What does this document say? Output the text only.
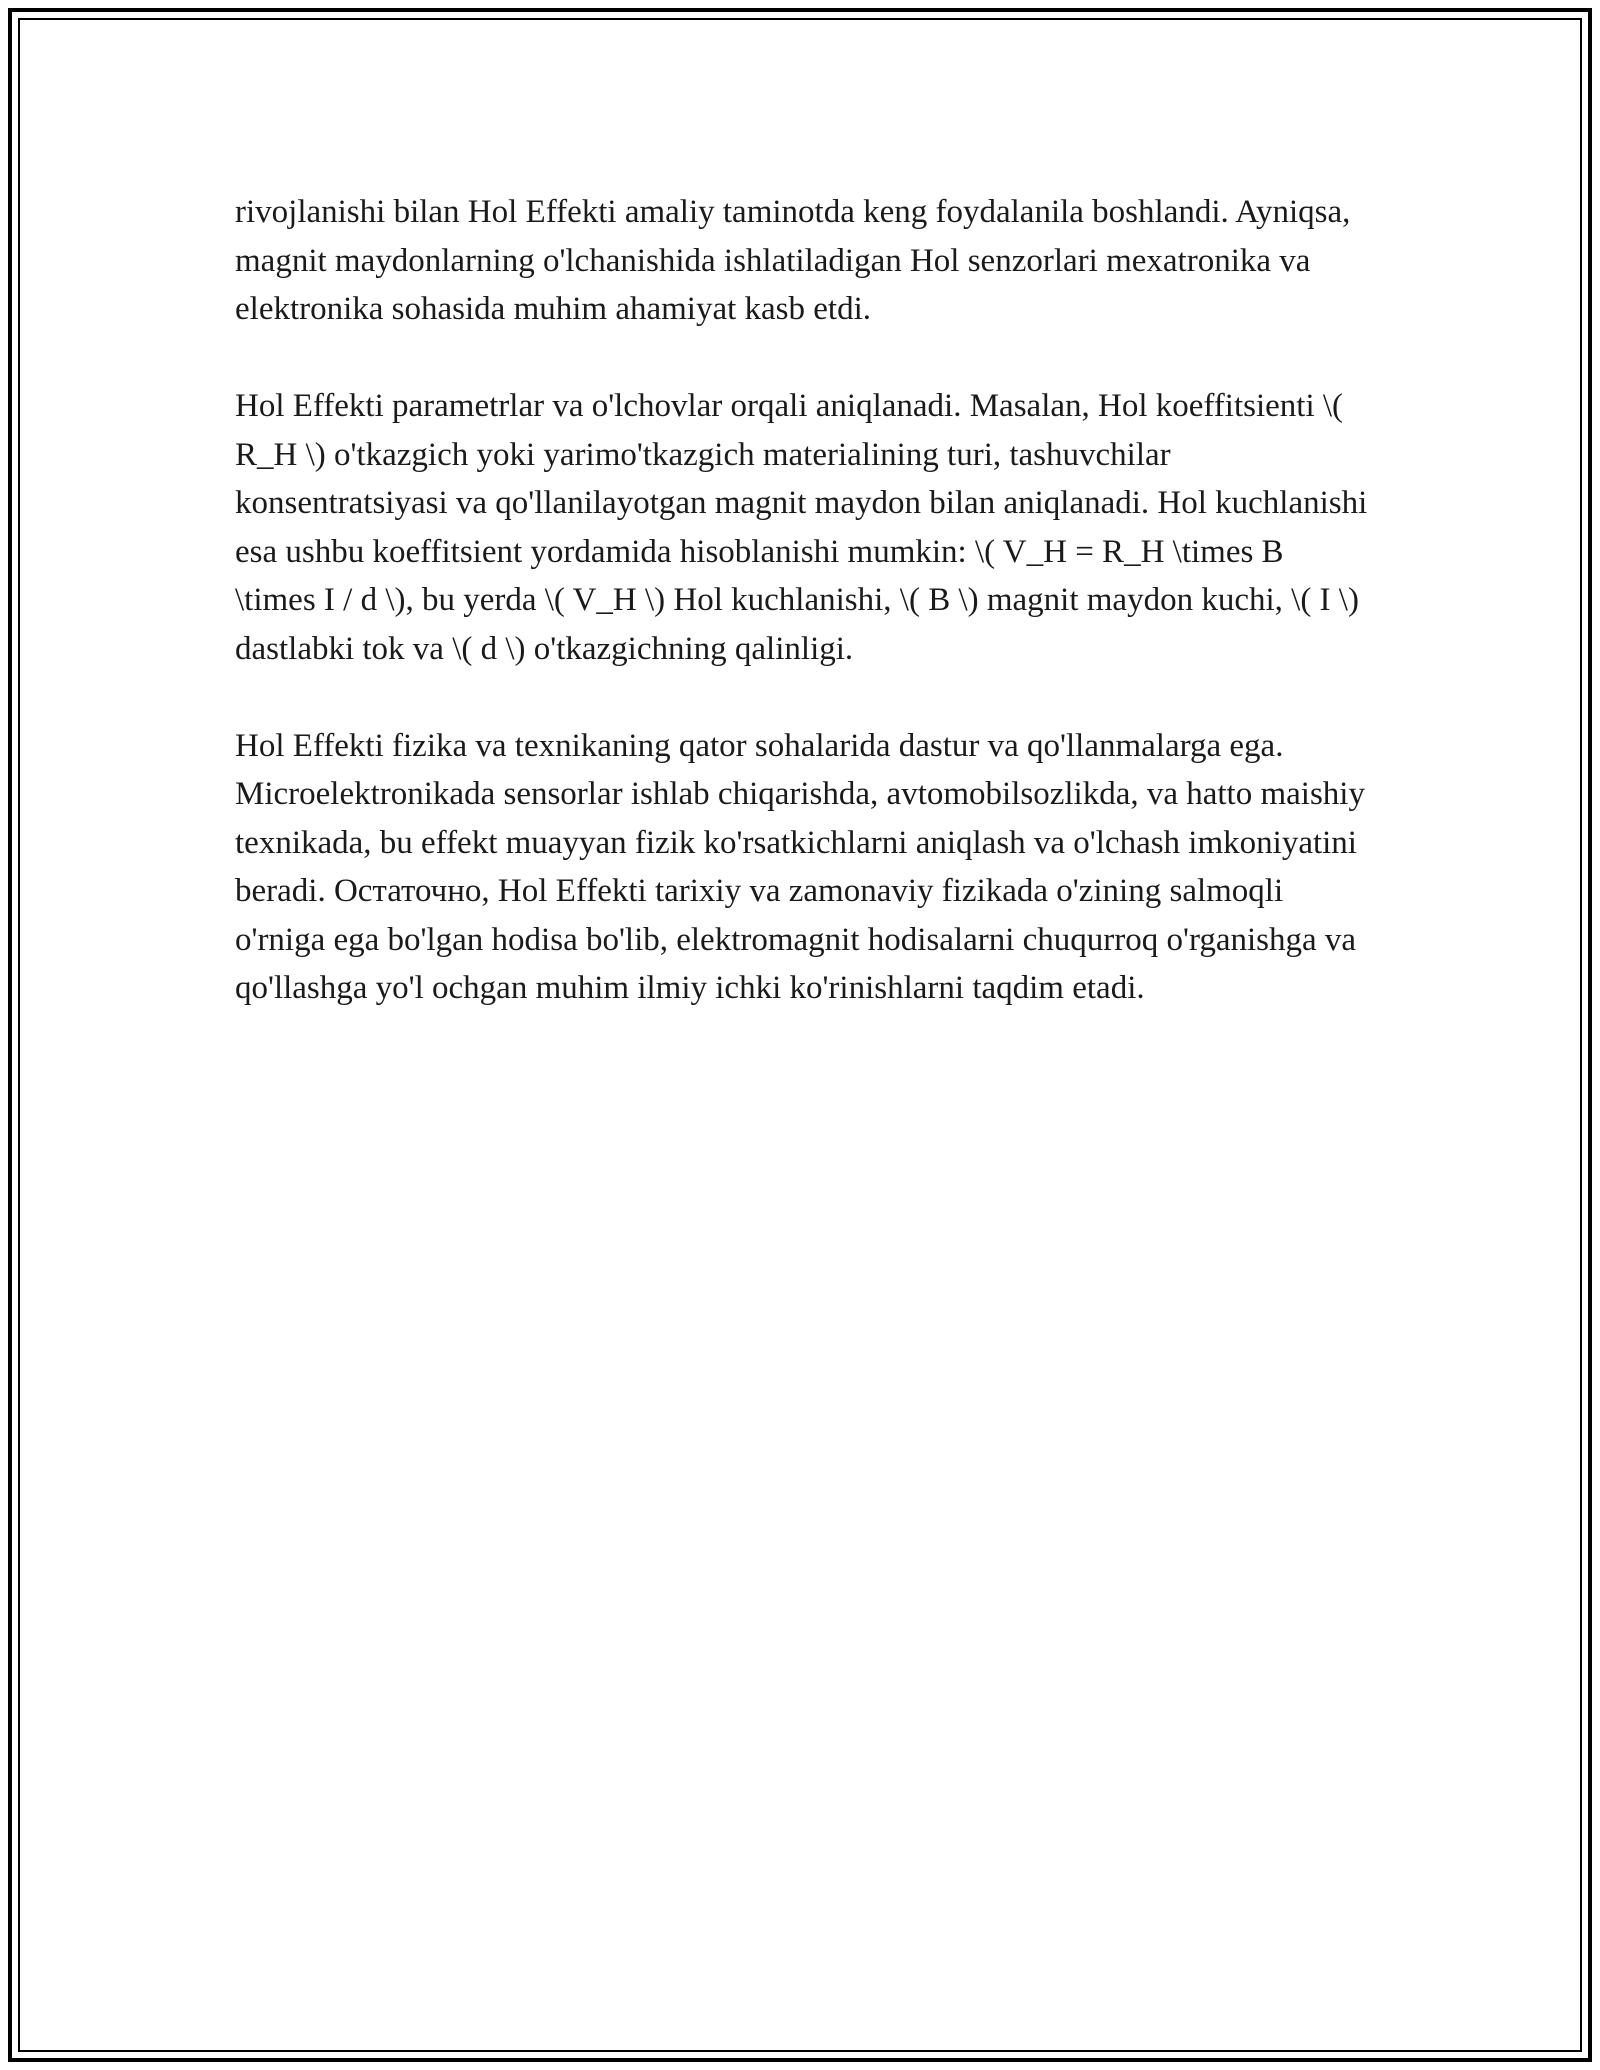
rivojlanishi bilan Hol Effekti amaliy taminotda keng foydalanila boshlandi. Ayniqsa, magnit maydonlarning o'lchanishida ishlatiladigan Hol senzorlari mexatronika va elektronika sohasida muhim ahamiyat kasb etdi.

Hol Effekti parametrlar va o'lchovlar orqali aniqlanadi. Masalan, Hol koeffitsienti \( R_H \) o'tkazgich yoki yarimo'tkazgich materialining turi, tashuvchilar konsentratsiyasi va qo'llanilayotgan magnit maydon bilan aniqlanadi. Hol kuchlanishi esa ushbu koeffitsient yordamida hisoblanishi mumkin: \( V_H = R_H \times B \times I / d \), bu yerda \( V_H \) Hol kuchlanishi, \( B \) magnit maydon kuchi, \( I \) dastlabki tok va \( d \) o'tkazgichning qalinligi.

Hol Effekti fizika va texnikaning qator sohalarida dastur va qo'llanmalarga ega. Microelektronikada sensorlar ishlab chiqarishda, avtomobilsozlikda, va hatto maishiy texnikada, bu effekt muayyan fizik ko'rsatkichlarni aniqlash va o'lchash imkoniyatini beradi. Остаточно, Hol Effekti tarixiy va zamonaviy fizikada o'zining salmoqli o'rniga ega bo'lgan hodisa bo'lib, elektromagnit hodisalarni chuqurroq o'rganishga va qo'llashga yo'l ochgan muhim ilmiy ichki ko'rinishlarni taqdim etadi.
